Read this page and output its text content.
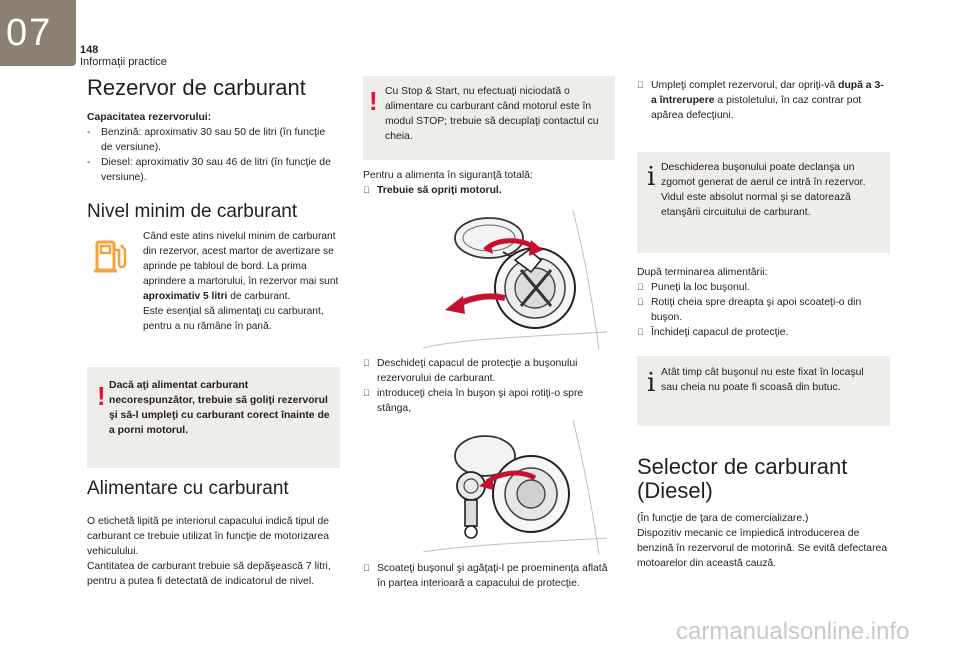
07	148
Informaţii practice
Rezervor de carburant

Capacitatea rezervorului:

-	Benzină: aproximativ 30 sau 50 de litri (în funcţie de versiune).
-	Diesel: aproximativ 30 sau 46 de litri (în funcţie de versiune).
Nivel minim de carburant

Când este atins nivelul minim de carburant din rezervor, acest martor de avertizare se aprinde pe tabloul de bord. La prima aprindere a martorului, în rezervor mai sunt aproximativ 5 litri de carburant.

Este esenţial să alimentaţi cu carburant, pentru a nu rămâne în pană.

! Dacă aţi alimentat carburant necorespunzător, trebuie să goliţi rezervorul şi să-l umpleţi cu carburant corect înainte de a porni motorul.

Alimentare cu carburant

O etichetă lipită pe interiorul capacului indică tipul de carburant ce trebuie utilizat în funcţie de motorizarea vehiculului.

Cantitatea de carburant trebuie să depăşească 7 litri, pentru a putea fi detectată de indicatorul de nivel.

! Cu Stop & Start, nu efectuaţi niciodată o alimentare cu carburant când motorul este în modul STOP; trebuie să decuplaţi contactul cu cheia.

Pentru a alimenta în siguranţă totală:

Trebuie să opriţi motorul.
Deschideţi capacul de protecţie a buşonului rezervorului de carburant.
introduceţi cheia în buşon şi apoi rotiţi-o spre stânga,
Scoateţi buşonul şi agăţaţi-l pe proeminenţa aflată în partea interioară a capacului de protecţie.
Umpleţi complet rezervorul, dar opriţi-vă după a 3-a întrerupere a pistoletului, în caz contrar pot apărea defecţiuni.
i Deschiderea buşonului poate declanşa un zgomot generat de aerul ce intră în rezervor. Vidul este absolut normal şi se datorează etanşării circuitului de carburant.

După terminarea alimentării:

Puneţi la loc buşonul.
Rotiţi cheia spre dreapta şi apoi scoateţi-o din buşon.
Închideţi capacul de protecţie.
i Atât timp cât buşonul nu este fixat în locaşul sau cheia nu poate fi scoasă din butuc.

Selector de carburant (Diesel)

(În funcţie de ţara de comercializare.)

Dispozitiv mecanic ce împiedică introducerea de benzină în rezervorul de motorină. Se evită defectarea motoarelor din această cauză.

carmanualsonline.info
